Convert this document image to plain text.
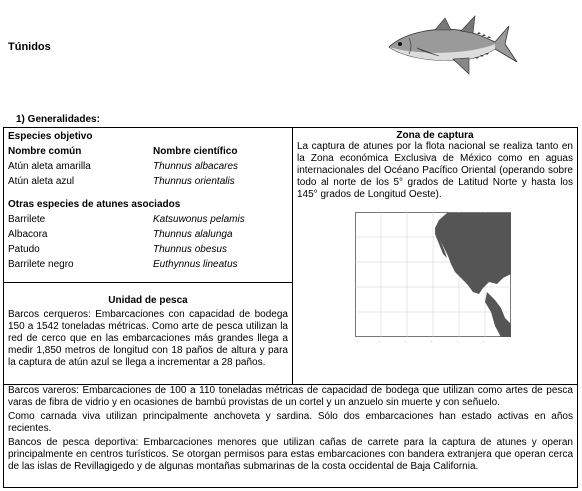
Túnidos
1) Generalidades:
Especies objetivo
Nombre común	Nombre científico
Atún aleta amarilla	Thunnus albacares
Atún aleta azul	Thunnus orientalis
Otras especies de atunes asociados
Barrilete	Katsuwonus pelamis
Albacora	Thunnus alalunga
Patudo	Thunnus obesus
Barrilete negro	Euthynnus lineatus
Zona de captura
La captura de atunes por la flota nacional se realiza tanto en la Zona económica Exclusiva de México como en aguas internacionales del Océano Pacífico Oriental (operando sobre todo al norte de los 5° grados de Latitud Norte y hasta los 145° grados de Longitud Oeste).
-	-	-	-	-	-
Unidad de pesca
Barcos cerqueros: Embarcaciones con capacidad de bodega 150 a 1542 toneladas métricas. Como arte de pesca utilizan la red de cerco que en las embarcaciones más grandes llega a medir 1,850 metros de longitud con 18 paños de altura y para la captura de atún azul se llega a incrementar a 28 paños.

Barcos vareros: Embarcaciones de 100 a 110 toneladas métricas de capacidad de bodega que utilizan como artes de pesca varas de fibra de vidrio y en ocasiones de bambú provistas de un cortel y un anzuelo sin muerte y con señuelo.

Como carnada viva utilizan principalmente anchoveta y sardina. Sólo dos embarcaciones han estado activas en años recientes.

Bancos de pesca deportiva: Embarcaciones menores que utilizan cañas de carrete para la captura de atunes y operan principalmente en centros turísticos. Se otorgan permisos para estas embarcaciones con bandera extranjera que operan cerca de las islas de Revillagigedo y de algunas montañas submarinas de la costa occidental de Baja California.
